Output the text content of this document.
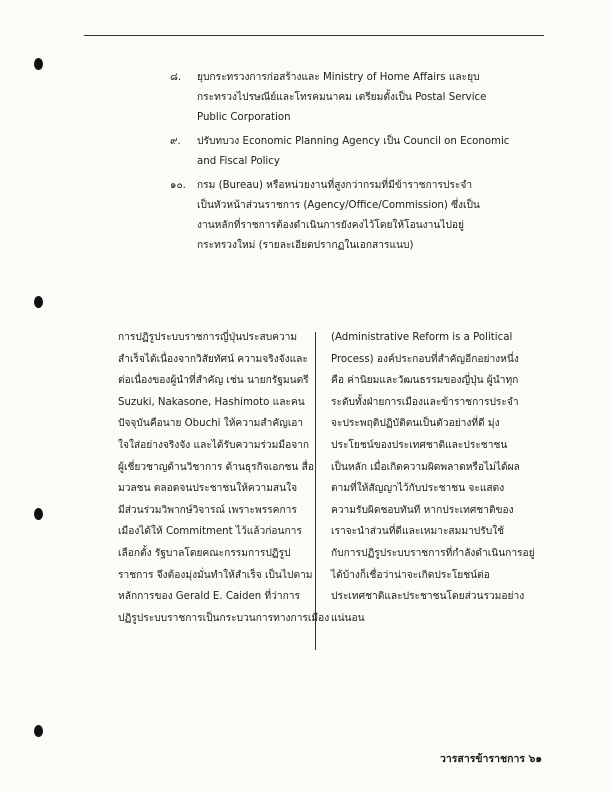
๘. ยุบกระทรวงการก่อสร้างและ Ministry of Home Affairs และยุบ
กระทรวงไปรษณีย์และโทรคมนาคม เตรียมตั้งเป็น Postal Service
Public Corporation
๙. ปรับทบวง Economic Planning Agency เป็น Council on Economic
and Fiscal Policy
๑๐. กรม (Bureau) หรือหน่วยงานที่สูงกว่ากรมที่มีข้าราชการประจำ
เป็นหัวหน้าส่วนราชการ (Agency/Office/Commission) ซึ่งเป็น
งานหลักที่ราชการต้องดำเนินการยังคงไว้โดยให้โอนงานไปอยู่
กระทรวงใหม่ (รายละเอียดปรากฏในเอกสารแนบ)

การปฏิรูประบบราชการญี่ปุ่นประสบความ

สำเร็จได้เนื่องจากวิสัยทัศน์ ความจริงจังและ

ต่อเนื่องของผู้นำที่สำคัญ เช่น นายกรัฐมนตรี

Suzuki, Nakasone, Hashimoto และคน

ปัจจุบันคือนาย Obuchi ให้ความสำคัญเอา

ใจใส่อย่างจริงจัง และได้รับความร่วมมือจาก

ผู้เชี่ยวชาญด้านวิชาการ ด้านธุรกิจเอกชน สื่อ

มวลชน ตลอดจนประชาชนให้ความสนใจ

มีส่วนร่วมวิพากษ์วิจารณ์ เพราะพรรคการ

เมืองได้ให้ Commitment ไว้แล้วก่อนการ

เลือกตั้ง รัฐบาลโดยคณะกรรมการปฏิรูป

ราชการ จึงต้องมุ่งมั่นทำให้สำเร็จ เป็นไปตาม

หลักการของ Gerald E. Caiden ที่ว่าการ

ปฏิรูประบบราชการเป็นกระบวนการทางการเมือง

(Administrative Reform is a Political

Process) องค์ประกอบที่สำคัญอีกอย่างหนึ่ง

คือ ค่านิยมและวัฒนธรรมของญี่ปุ่น ผู้นำทุก

ระดับทั้งฝ่ายการเมืองและข้าราชการประจำ

จะประพฤติปฏิบัติตนเป็นตัวอย่างที่ดี มุ่ง

ประโยชน์ของประเทศชาติและประชาชน

เป็นหลัก เมื่อเกิดความผิดพลาดหรือไม่ได้ผล

ตามที่ให้สัญญาไว้กับประชาชน จะแสดง

ความรับผิดชอบทันที หากประเทศชาติของ

เราจะนำส่วนที่ดีและเหมาะสมมาปรับใช้

กับการปฏิรูประบบราชการที่กำลังดำเนินการอยู่

ได้บ้างก็เชื่อว่าน่าจะเกิดประโยชน์ต่อ

ประเทศชาติและประชาชนโดยส่วนรวมอย่าง

แน่นอน

วารสารข้าราชการ ๖๑
